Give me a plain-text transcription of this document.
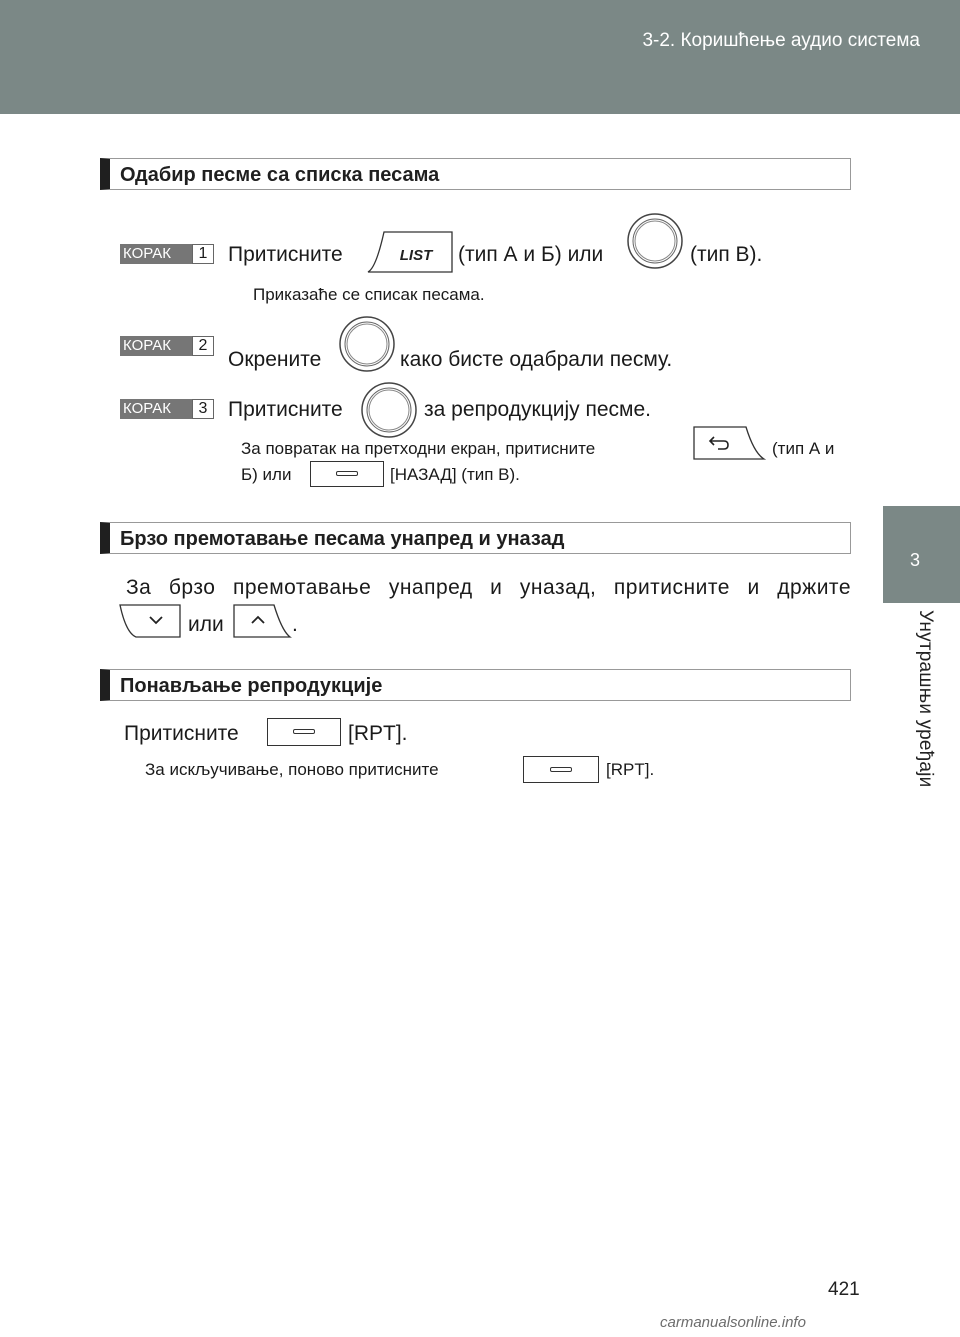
3-2. Коришћење аудио система
3
Унутрашњи уређаји
Одабир песме са списка песама
КОРАК	1 Притисните	LIST (тип А и Б) или	(тип В).
Приказаће се списак песама.
КОРАК	2
Окрените	како бисте одабрали песму.
КОРАК	3 Притисните	за репродукцију песме.
За повратак на претходни екран, притисните	(тип А и
Б) или	[НАЗАД] (тип В).
Брзо премотавање песама унапред и уназад
За брзо премотавање унапред и уназад, притисните и држите
или	.
Понављање репродукције
Притисните	[RPT].
За искључивање, поново притисните	[RPT].
421
carmanualsonline.info
